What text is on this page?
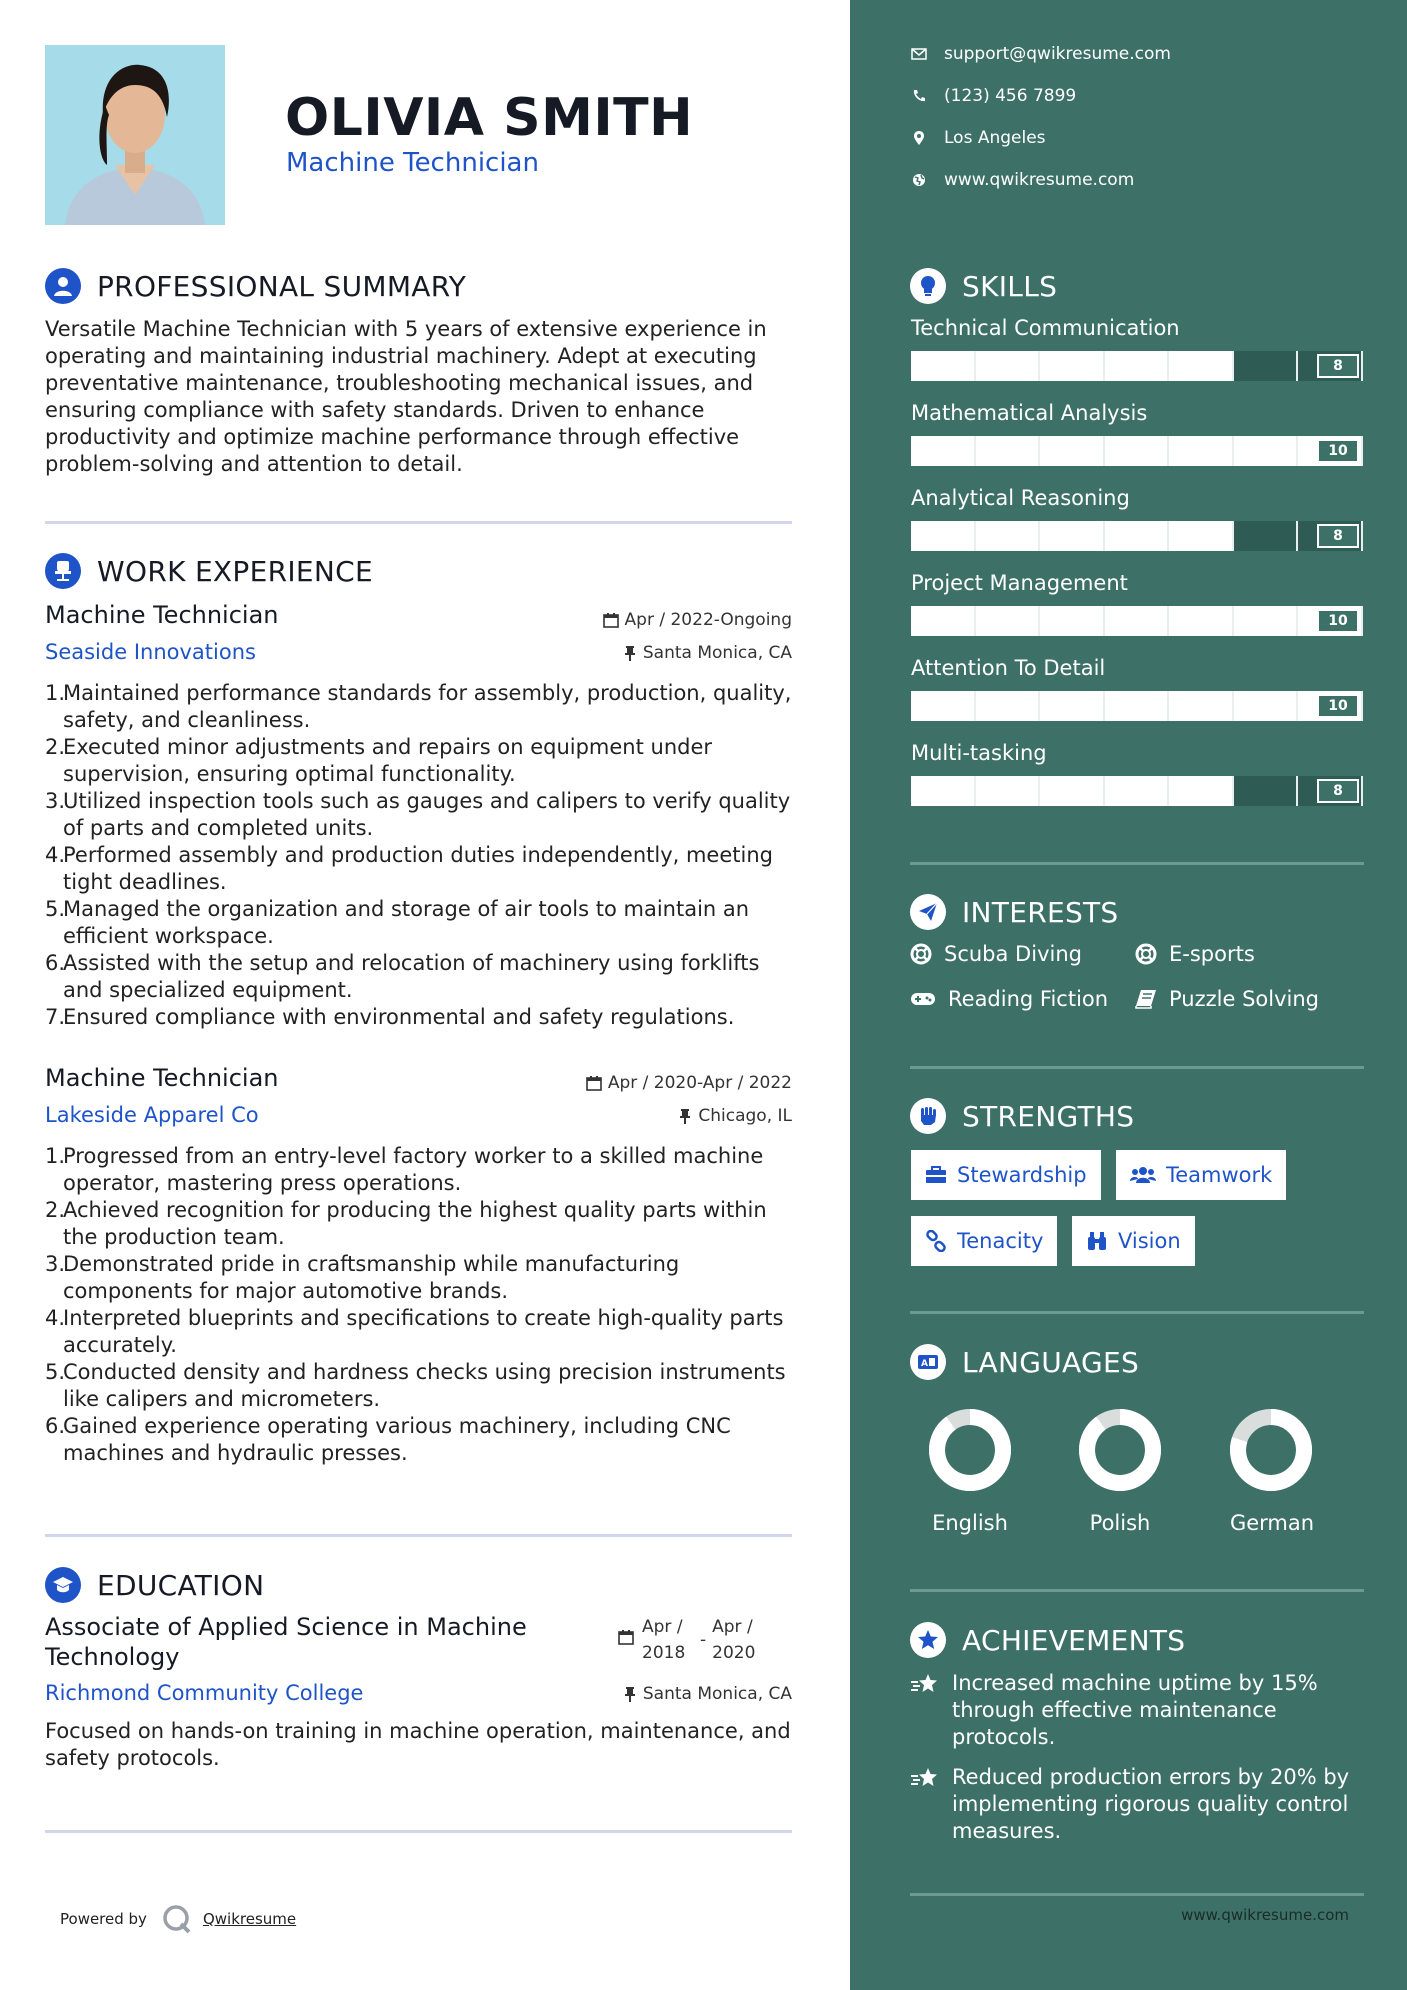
OLIVIA SMITH
Machine Technician
PROFESSIONAL SUMMARY
Versatile Machine Technician with 5 years of extensive experience in operating and maintaining industrial machinery. Adept at executing preventative maintenance, troubleshooting mechanical issues, and ensuring compliance with safety standards. Driven to enhance productivity and optimize machine performance through effective problem-solving and attention to detail.
WORK EXPERIENCE
Machine Technician	Apr / 2022-Ongoing
Seaside Innovations	Santa Monica, CA
1.
Maintained performance standards for assembly, production, quality, safety, and cleanliness.
2.
Executed minor adjustments and repairs on equipment under supervision, ensuring optimal functionality.
3.
Utilized inspection tools such as gauges and calipers to verify quality of parts and completed units.
4.
Performed assembly and production duties independently, meeting tight deadlines.
5.
Managed the organization and storage of air tools to maintain an efficient workspace.
6.
Assisted with the setup and relocation of machinery using forklifts and specialized equipment.
7.
Ensured compliance with environmental and safety regulations.
Machine Technician	Apr / 2020-Apr / 2022
Lakeside Apparel Co	Chicago, IL
1.
Progressed from an entry-level factory worker to a skilled machine operator, mastering press operations.
2.
Achieved recognition for producing the highest quality parts within the production team.
3.
Demonstrated pride in craftsmanship while manufacturing components for major automotive brands.
4.
Interpreted blueprints and specifications to create high-quality parts accurately.
5.
Conducted density and hardness checks using precision instruments like calipers and micrometers.
6.
Gained experience operating various machinery, including CNC machines and hydraulic presses.
EDUCATION
Associate of Applied Science in Machine Technology
Apr / 2018
-
Apr / 2020
Richmond Community College	Santa Monica, CA
Focused on hands-on training in machine operation, maintenance, and safety protocols.
Powered by	Qwikresume
support@qwikresume.com
(123) 456 7899
Los Angeles
www.qwikresume.com
SKILLS
Technical Communication
8
Mathematical Analysis
10
Analytical Reasoning
8
Project Management
10
Attention To Detail
10
Multi-tasking
8
INTERESTS
Scuba Diving	E-sports
Reading Fiction	Puzzle Solving
STRENGTHS
Stewardship	Teamwork
Tenacity	Vision
A LANGUAGES
English	Polish	German
ACHIEVEMENTS
Increased machine uptime by 15% through effective maintenance protocols.
Reduced production errors by 20% by implementing rigorous quality control measures.
www.qwikresume.com
